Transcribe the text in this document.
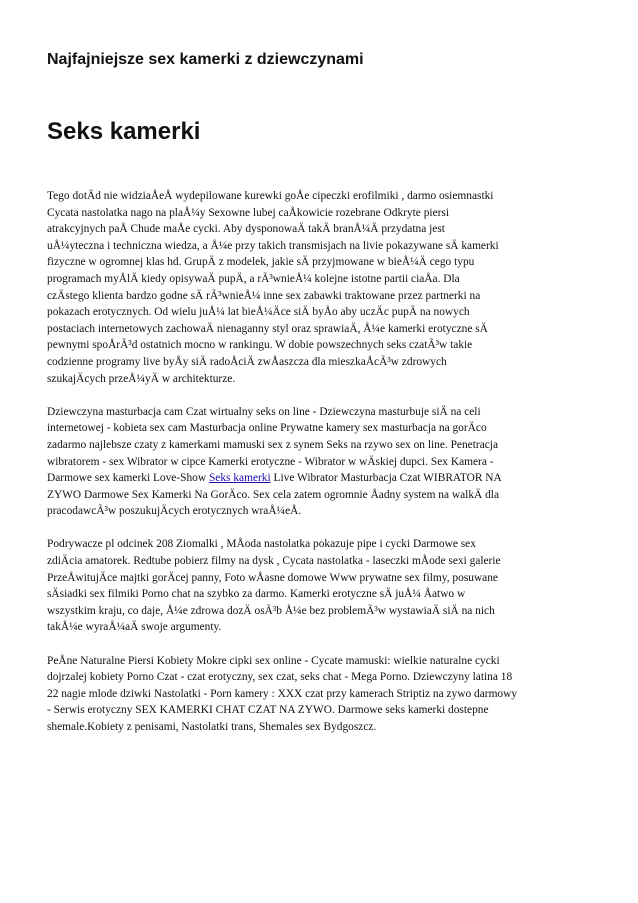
Najfajniejsze sex kamerki z dziewczynami
Seks kamerki
Tego dotÄd nie widziaÅeÅ wydepilowane kurewki goÅe cipeczki erofilmiki , darmo osiemnastki
Cycata nastolatka nago na plaÅ¼y Sexowne lubej caÅkowicie rozebrane Odkryte piersi
atrakcyjnych paÅ Chude maÅe cycki. Aby dysponowaÄ takÄ branÅ¼Ä przydatna jest
uÅ¼yteczna i techniczna wiedza, a Å¼e przy takich transmisjach na livie pokazywane sÄ kamerki
fizyczne w ogromnej klas hd. GrupÄ z modelek, jakie sÄ przyjmowane w bieÅ¼Ä cego typu
programach myÅlÄ kiedy opisywaÄ pupÄ, a rÃ³wnieÅ¼ kolejne istotne partii ciaÅa. Dla
czÄstego klienta bardzo godne sÄ rÃ³wnieÅ¼ inne sex zabawki traktowane przez partnerki na
pokazach erotycznych. Od wielu juÅ¼ lat bieÅ¼Äce siÄ byÅo aby uczÄc pupÄ na nowych
postaciach internetowych zachowaÄ nienaganny styl oraz sprawiaÄ, Å¼e kamerki erotyczne sÄ
pewnymi spoÅrÃ³d ostatnich mocno w rankingu. W dobie powszechnych seks czatÃ³w takie
codzienne programy live byÅy siÄ radoÅciÄ zwÅaszcza dla mieszkaÅcÃ³w zdrowych
szukajÄcych przeÅ¼yÄ w architekturze.
Dziewczyna masturbacja cam Czat wirtualny seks on line - Dziewczyna masturbuje siÄ na celi
internetowej - kobieta sex cam Masturbacja online Prywatne kamery sex masturbacja na gorÄco
zadarmo najlebsze czaty z kamerkami mamuski sex z synem Seks na rzywo sex on line. Penetracja
wibratorem - sex Wibrator w cipce Kamerki erotyczne - Wibrator w wÄskiej dupci. Sex Kamera -
Darmowe sex kamerki Love-Show Seks kamerki Live Wibrator Masturbacja Czat WIBRATOR NA
ZYWO Darmowe Sex Kamerki Na GorÄco. Sex cela zatem ogromnie Åadny system na walkÄ dla
pracodawcÃ³w poszukujÄcych erotycznych wraÅ¼eÅ.
Podrywacze pl odcinek 208 Ziomalki , MÅoda nastolatka pokazuje pipe i cycki Darmowe sex
zdiÄcia amatorek. Redtube pobierz filmy na dysk , Cycata nastolatka - laseczki mÅode sexi galerie
PrzeÅwitujÄce majtki gorÄcej panny, Foto wÅasne domowe Www prywatne sex filmy, posuwane
sÄsiadki sex filmiki Porno chat na szybko za darmo. Kamerki erotyczne sÄ juÅ¼ Åatwo w
wszystkim kraju, co daje, Å¼e zdrowa dozÄ osÃ³b Å¼e bez problemÃ³w wystawiaÄ siÄ na nich
takÅ¼e wyraÅ¼aÄ swoje argumenty.
PeÅne Naturalne Piersi Kobiety Mokre cipki sex online - Cycate mamuski: wielkie naturalne cycki
dojrzalej kobiety Porno Czat - czat erotyczny, sex czat, seks chat - Mega Porno. Dziewczyny latina 18
22 nagie mlode dziwki Nastolatki - Porn kamery : XXX czat przy kamerach Striptiz na zywo darmowy
- Serwis erotyczny SEX KAMERKI CHAT CZAT NA ZYWO. Darmowe seks kamerki dostepne
shemale.Kobiety z penisami, Nastolatki trans, Shemales sex Bydgoszcz.
